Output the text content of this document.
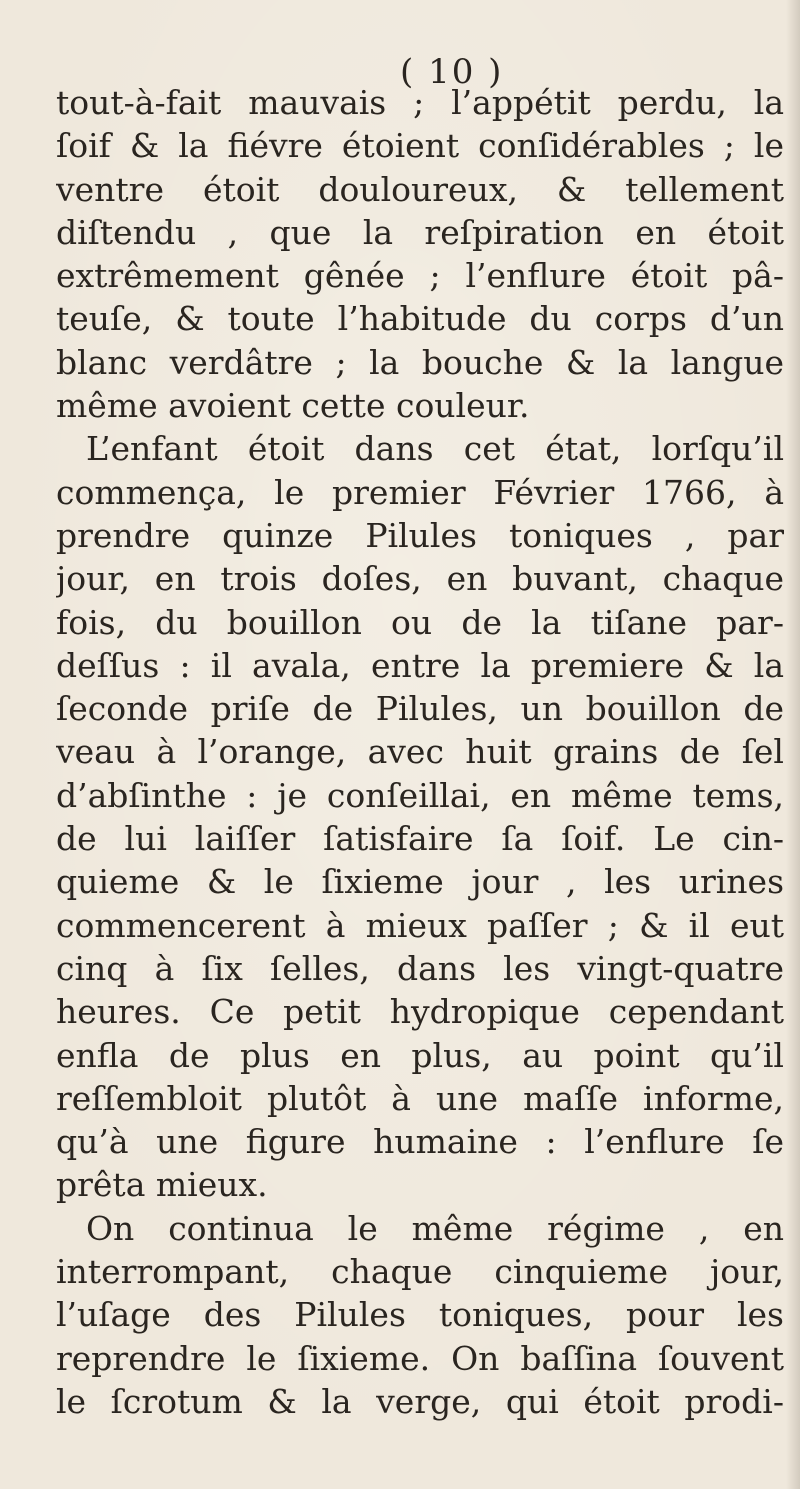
( 10 )
tout-à-fait mauvais ; l’appétit perdu, la
ſoif & la fiévre étoient conſidérables ; le
ventre étoit douloureux, & tellement
diſtendu , que la reſpiration en étoit
extrêmement gênée ; l’enflure étoit pâ-
teuſe, & toute l’habitude du corps d’un
blanc verdâtre ; la bouche & la langue
même avoient cette couleur.
L’enfant étoit dans cet état, lorſqu’il
commença, le premier Février 1766, à
prendre quinze Pilules toniques , par
jour, en trois doſes, en buvant, chaque
fois, du bouillon ou de la tiſane par-
deſſus : il avala, entre la premiere & la
ſeconde priſe de Pilules, un bouillon de
veau à l’orange, avec huit grains de ſel
d’abſinthe : je conſeillai, en même tems,
de lui laiſſer ſatisfaire ſa ſoif. Le cin-
quieme & le ſixieme jour , les urines
commencerent à mieux paſſer ; & il eut
cinq à ſix ſelles, dans les vingt-quatre
heures. Ce petit hydropique cependant
enfla de plus en plus, au point qu’il
reſſembloit plutôt à une maſſe informe,
qu’à une figure humaine : l’enflure ſe
prêta mieux.
On continua le même régime , en
interrompant, chaque cinquieme jour,
l’uſage des Pilules toniques, pour les
reprendre le ſixieme. On baſſina ſouvent
le ſcrotum & la verge, qui étoit prodi-
